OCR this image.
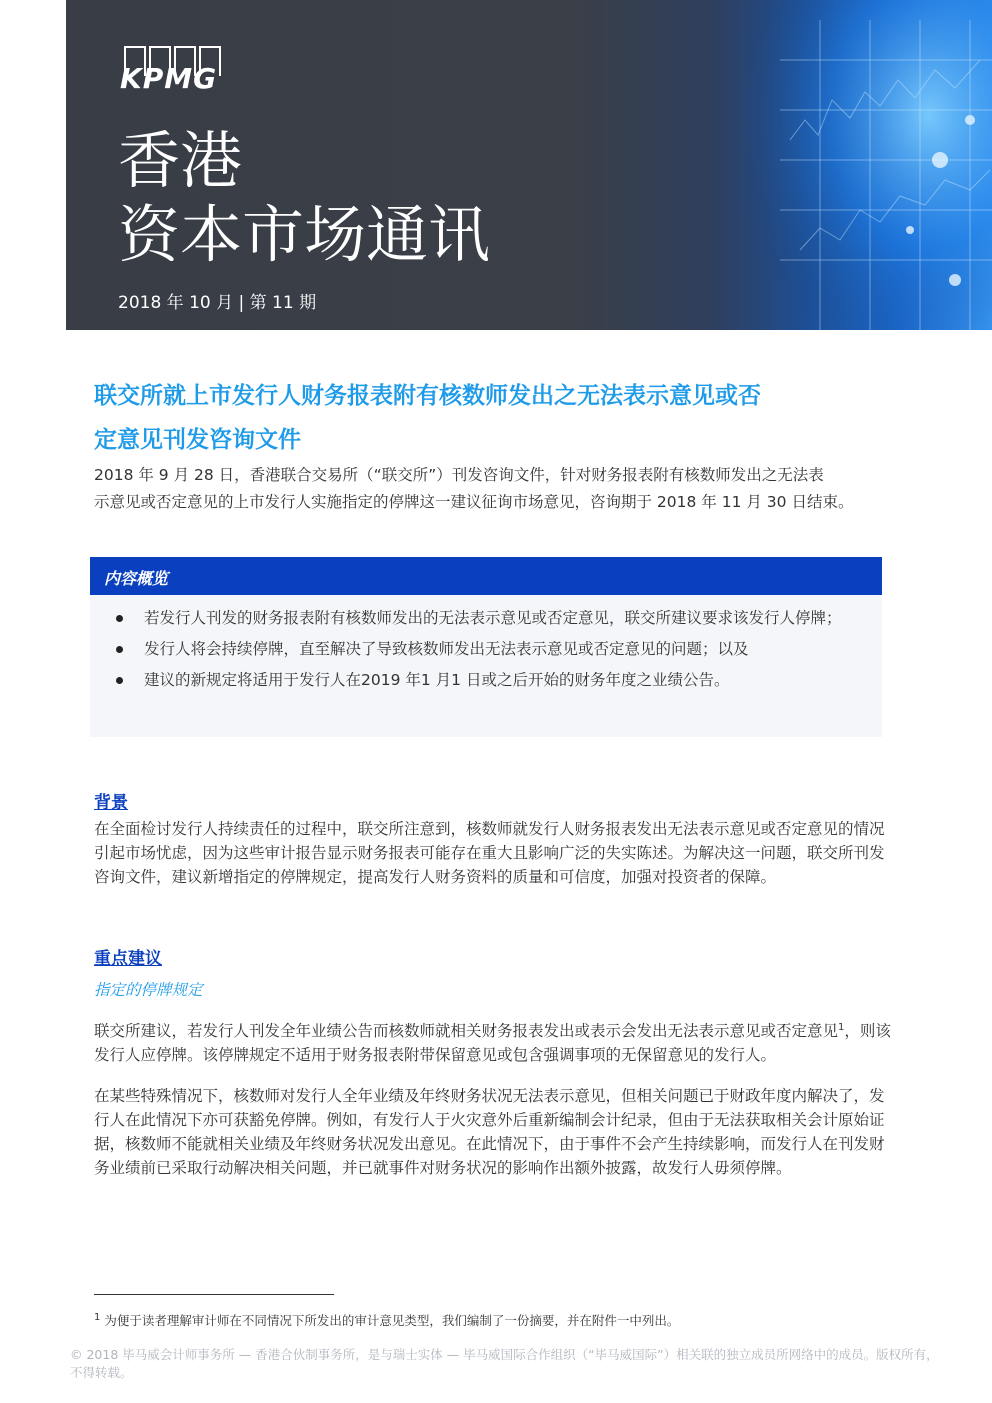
KPMG
香港
资本市场通讯
2018 年 10 月 | 第 11 期
联交所就上市发行人财务报表附有核数师发出之无法表示意见或否
定意见刊发咨询文件
2018 年 9 月 28 日，香港联合交易所（“联交所”）刊发咨询文件，针对财务报表附有核数师发出之无法表
示意见或否定意见的上市发行人实施指定的停牌这一建议征询市场意见，咨询期于 2018 年 11 月 30 日结束。
内容概览
若发行人刊发的财务报表附有核数师发出的无法表示意见或否定意见，联交所建议要求该发行人停牌；
发行人将会持续停牌，直至解决了导致核数师发出无法表示意见或否定意见的问题；以及
建议的新规定将适用于发行人在2019 年1 月1 日或之后开始的财务年度之业绩公告。
背景
在全面检讨发行人持续责任的过程中，联交所注意到，核数师就发行人财务报表发出无法表示意见或否定意见的情况引起市场忧虑，因为这些审计报告显示财务报表可能存在重大且影响广泛的失实陈述。为解决这一问题，联交所刊发咨询文件，建议新增指定的停牌规定，提高发行人财务资料的质量和可信度，加强对投资者的保障。
重点建议
指定的停牌规定
联交所建议，若发行人刊发全年业绩公告而核数师就相关财务报表发出或表示会发出无法表示意见或否定意见$^1$，则该发行人应停牌。该停牌规定不适用于财务报表附带保留意见或包含强调事项的无保留意见的发行人。
在某些特殊情况下，核数师对发行人全年业绩及年终财务状况无法表示意见，但相关问题已于财政年度内解决了，发行人在此情况下亦可获豁免停牌。例如，有发行人于火灾意外后重新编制会计纪录，但由于无法获取相关会计原始证据，核数师不能就相关业绩及年终财务状况发出意见。在此情况下，由于事件不会产生持续影响，而发行人在刊发财务业绩前已采取行动解决相关问题，并已就事件对财务状况的影响作出额外披露，故发行人毋须停牌。
$^1$ 为便于读者理解审计师在不同情况下所发出的审计意见类型，我们编制了一份摘要，并在附件一中列出。
© 2018 毕马威会计师事务所 — 香港合伙制事务所，是与瑞士实体 — 毕马威国际合作组织（“毕马威国际”）相关联的独立成员所网络中的成员。版权所有，不得转载。
